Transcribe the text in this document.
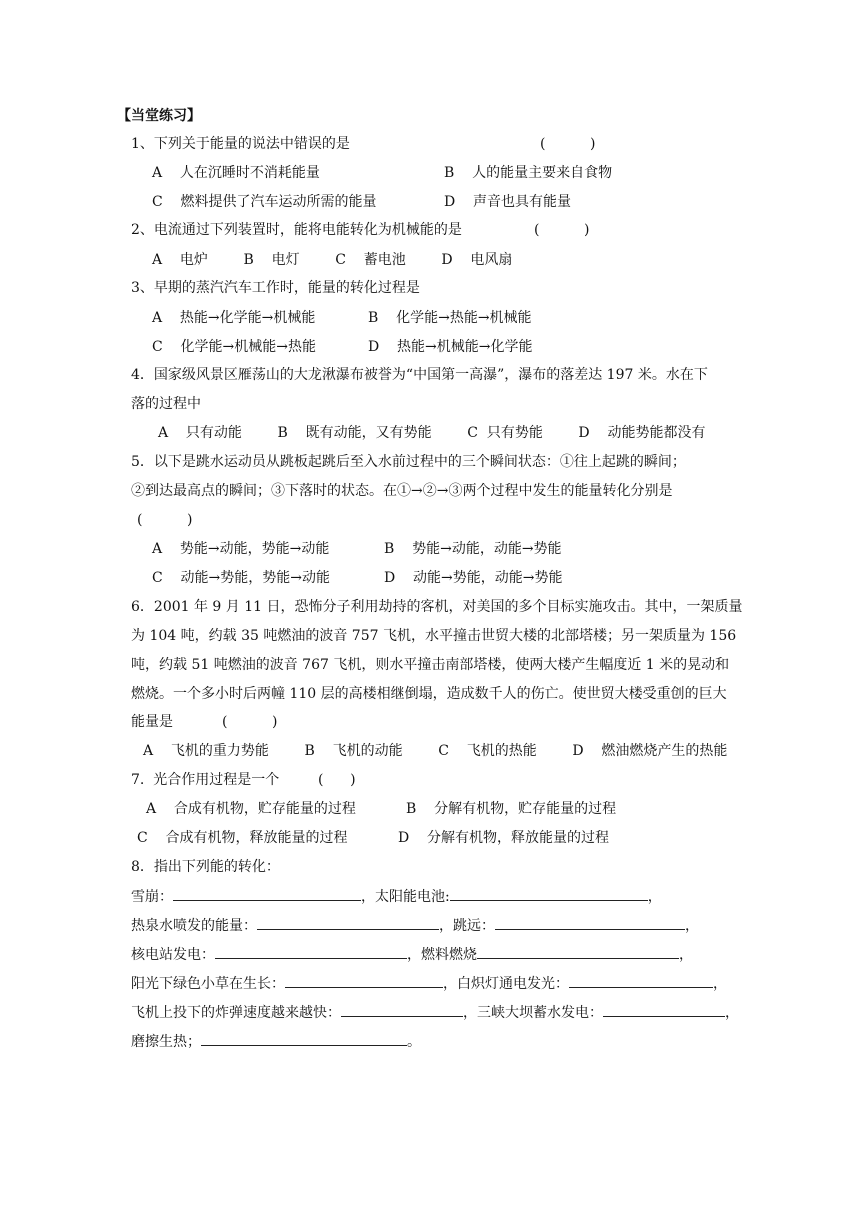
【当堂练习】
1、下列关于能量的说法中错误的是	(          )
A    人在沉睡时不消耗能量	B    人的能量主要来自食物
C    燃料提供了汽车运动所需的能量	D    声音也具有能量
2、电流通过下列装置时，能将电能转化为机械能的是	(          )
A    电炉        B    电灯        C    蓄电池        D    电风扇
3、早期的蒸汽汽车工作时，能量的转化过程是
A    热能→化学能→机械能	B    化学能→热能→机械能
C    化学能→机械能→热能	D    热能→机械能→化学能
4．国家级风景区雁荡山的大龙湫瀑布被誉为“中国第一高瀑”，瀑布的落差达 197 米。水在下
落的过程中
A    只有动能        B    既有动能，又有势能        C  只有势能        D    动能势能都没有
5．以下是跳水运动员从跳板起跳后至入水前过程中的三个瞬间状态：①往上起跳的瞬间；
②到达最高点的瞬间；③下落时的状态。在①→②→③两个过程中发生的能量转化分别是
(          )
A    势能→动能，势能→动能	B    势能→动能，动能→势能
C    动能→势能，势能→动能	D    动能→势能，动能→势能
6．2001 年 9 月 11 日，恐怖分子利用劫持的客机，对美国的多个目标实施攻击。其中，一架质量
为 104 吨，约载 35 吨燃油的波音 757 飞机，水平撞击世贸大楼的北部塔楼；另一架质量为 156
吨，约载 51 吨燃油的波音 767 飞机，则水平撞击南部塔楼，使两大楼产生幅度近 1 米的晃动和
燃烧。一个多小时后两幢 110 层的高楼相继倒塌，造成数千人的伤亡。使世贸大楼受重创的巨大
能量是	(          )
A    飞机的重力势能        B    飞机的动能        C    飞机的热能        D    燃油燃烧产生的热能
7.  光合作用过程是一个	(      )
A    合成有机物，贮存能量的过程	B    分解有机物，贮存能量的过程
C    合成有机物，释放能量的过程	D    分解有机物，释放能量的过程
8．指出下列能的转化：
雪崩：	，太阳能电池:	，
热泉水喷发的能量：	，跳远：	，
核电站发电：	，燃料燃烧	，
阳光下绿色小草在生长：	，白炽灯通电发光：	，
飞机上投下的炸弹速度越来越快：	，三峡大坝蓄水发电：	，
磨擦生热；	。
